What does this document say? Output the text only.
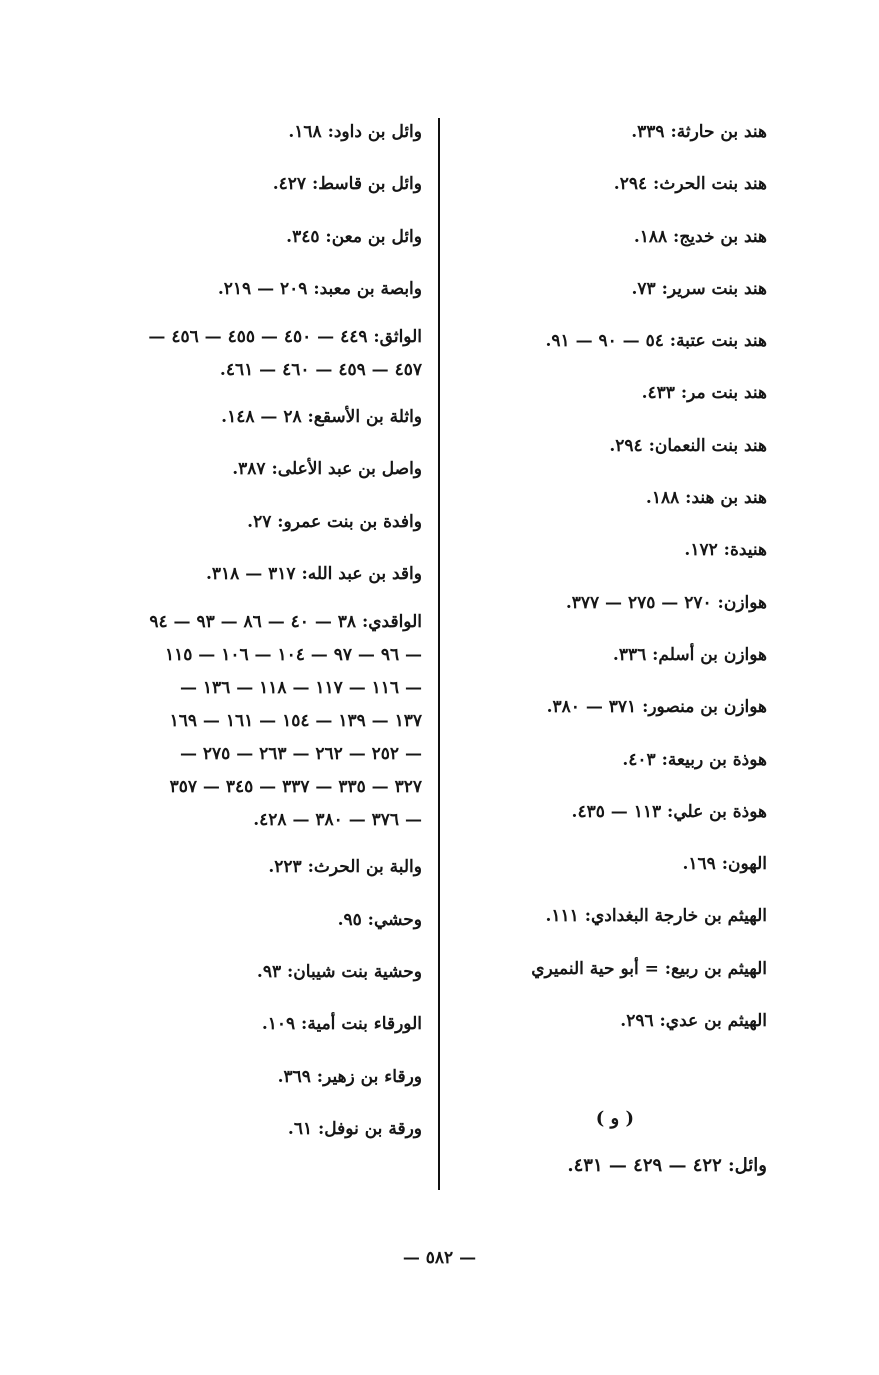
هند بن حارثة: ٣٣٩.
هند بنت الحرث: ٢٩٤.
هند بن خديج: ١٨٨.
هند بنت سرير: ٧٣.
هند بنت عتبة: ٥٤ — ٩٠ — ٩١.
هند بنت مر: ٤٣٣.
هند بنت النعمان: ٢٩٤.
هند بن هند: ١٨٨.
هنيدة: ١٧٢.
هوازن: ٢٧٠ — ٢٧٥ — ٣٧٧.
هوازن بن أسلم: ٣٣٦.
هوازن بن منصور: ٣٧١ — ٣٨٠.
هوذة بن ربيعة: ٤٠٣.
هوذة بن علي: ١١٣ — ٤٣٥.
الهون: ١٦٩.
الهيثم بن خارجة البغدادي: ١١١.
الهيثم بن ربيع: = أبو حية النميري
الهيثم بن عدي: ٢٩٦.
وائل بن داود: ١٦٨.
وائل بن قاسط: ٤٢٧.
وائل بن معن: ٣٤٥.
وابصة بن معبد: ٢٠٩ — ٢١٩.
الواثق: ٤٤٩ — ٤٥٠ — ٤٥٥ — ٤٥٦ —
٤٥٧ — ٤٥٩ — ٤٦٠ — ٤٦١.
واثلة بن الأسقع: ٢٨ — ١٤٨.
واصل بن عبد الأعلى: ٣٨٧.
وافدة بن بنت عمرو: ٢٧.
واقد بن عبد الله: ٣١٧ — ٣١٨.
الواقدي: ٣٨ — ٤٠ — ٨٦ — ٩٣ — ٩٤
— ٩٦ — ٩٧ — ١٠٤ — ١٠٦ — ١١٥
— ١١٦ — ١١٧ — ١١٨ — ١٣٦ —
١٣٧ — ١٣٩ — ١٥٤ — ١٦١ — ١٦٩
— ٢٥٢ — ٢٦٢ — ٢٦٣ — ٢٧٥ —
٣٢٧ — ٣٣٥ — ٣٣٧ — ٣٤٥ — ٣٥٧
— ٣٧٦ — ٣٨٠ — ٤٢٨.
والبة بن الحرث: ٢٢٣.
وحشي: ٩٥.
وحشية بنت شيبان: ٩٣.
الورقاء بنت أمية: ١٠٩.
ورقاء بن زهير: ٣٦٩.
ورقة بن نوفل: ٦١.	( و )
وائل: ٤٢٢ — ٤٢٩ — ٤٣١.
— ٥٨٢ —
